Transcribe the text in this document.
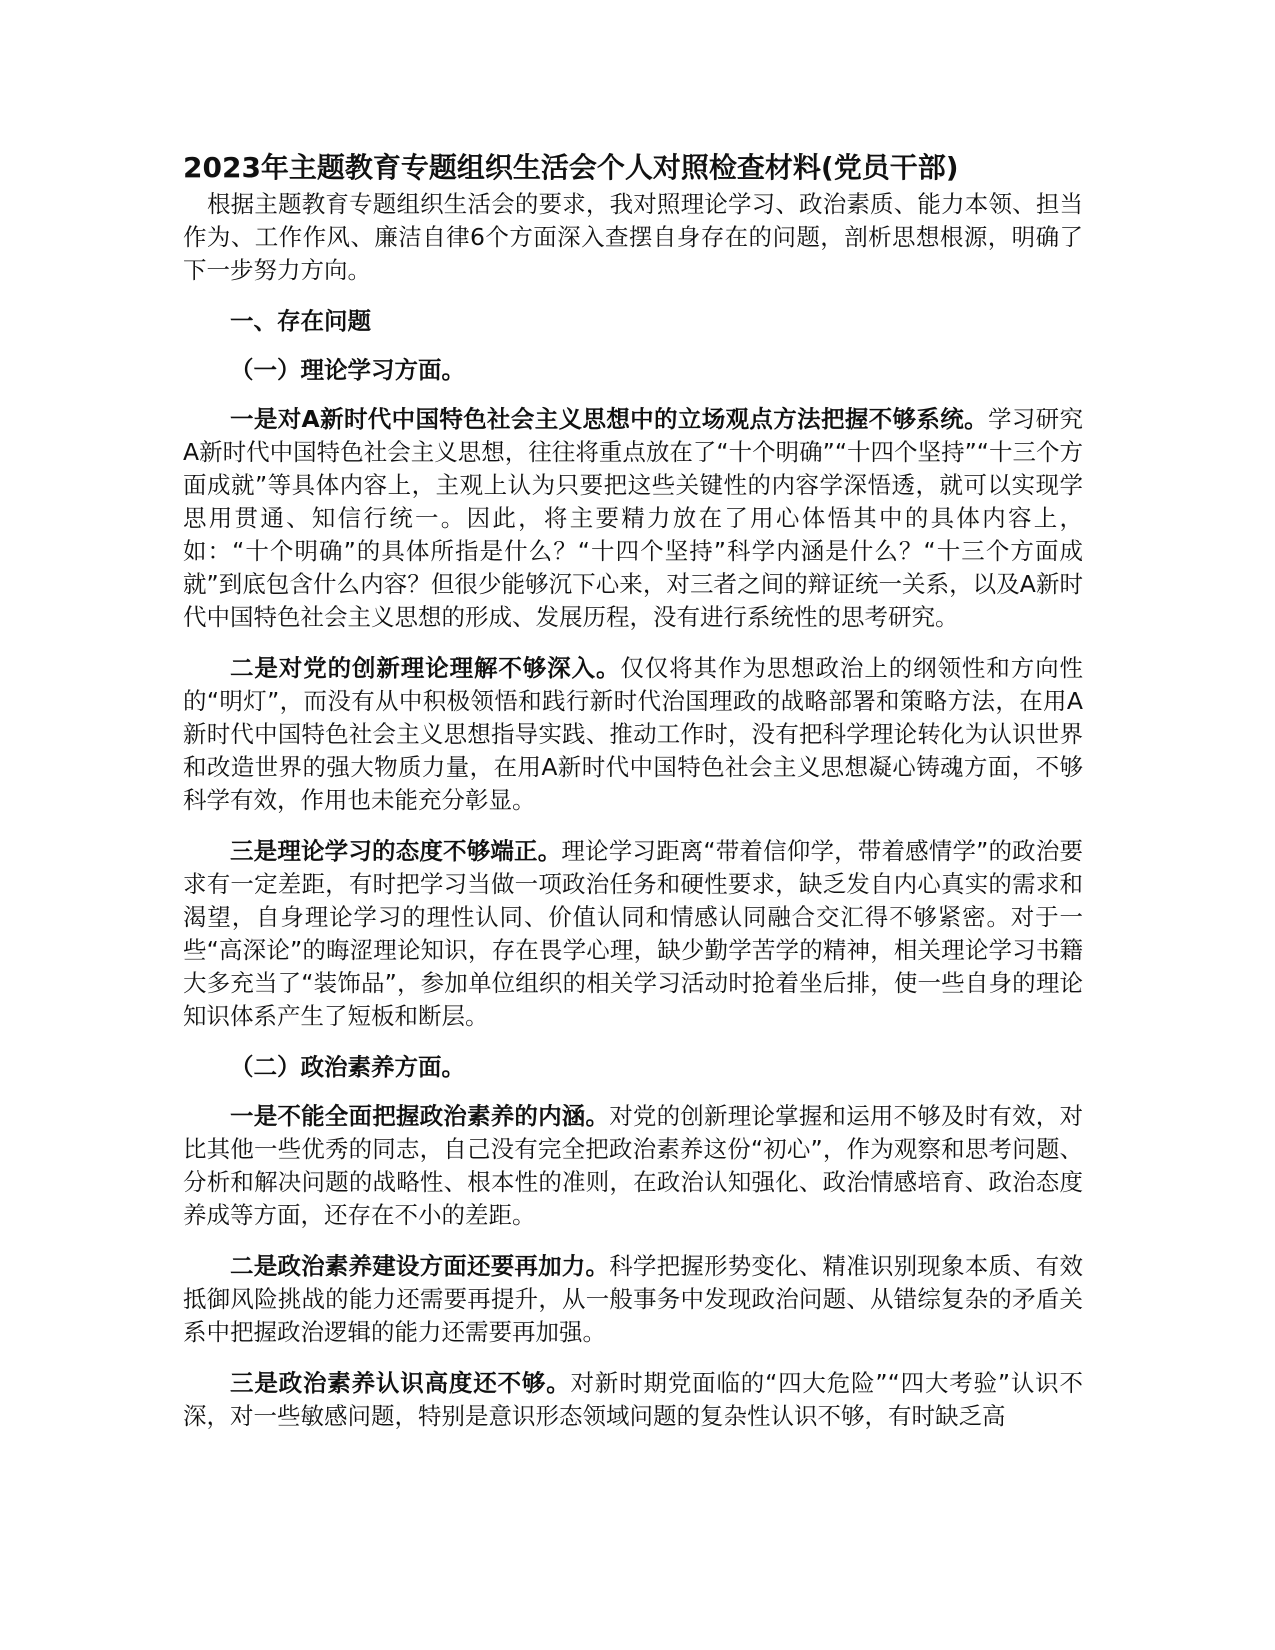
2023年主题教育专题组织生活会个人对照检查材料(党员干部)

根据主题教育专题组织生活会的要求，我对照理论学习、政治素质、能力本领、担当作为、工作作风、廉洁自律6个方面深入查摆自身存在的问题，剖析思想根源，明确了下一步努力方向。

一、存在问题
（一）理论学习方面。

一是对A新时代中国特色社会主义思想中的立场观点方法把握不够系统。学习研究A新时代中国特色社会主义思想，往往将重点放在了“十个明确”“十四个坚持”“十三个方面成就”等具体内容上，主观上认为只要把这些关键性的内容学深悟透，就可以实现学思用贯通、知信行统一。因此，将主要精力放在了用心体悟其中的具体内容上，如：“十个明确”的具体所指是什么？“十四个坚持”科学内涵是什么？“十三个方面成就”到底包含什么内容？但很少能够沉下心来，对三者之间的辩证统一关系，以及A新时代中国特色社会主义思想的形成、发展历程，没有进行系统性的思考研究。

二是对党的创新理论理解不够深入。仅仅将其作为思想政治上的纲领性和方向性的“明灯”，而没有从中积极领悟和践行新时代治国理政的战略部署和策略方法，在用A新时代中国特色社会主义思想指导实践、推动工作时，没有把科学理论转化为认识世界和改造世界的强大物质力量，在用A新时代中国特色社会主义思想凝心铸魂方面，不够科学有效，作用也未能充分彰显。

三是理论学习的态度不够端正。理论学习距离“带着信仰学，带着感情学”的政治要求有一定差距，有时把学习当做一项政治任务和硬性要求，缺乏发自内心真实的需求和渴望，自身理论学习的理性认同、价值认同和情感认同融合交汇得不够紧密。对于一些“高深论”的晦涩理论知识，存在畏学心理，缺少勤学苦学的精神，相关理论学习书籍大多充当了“装饰品”，参加单位组织的相关学习活动时抢着坐后排，使一些自身的理论知识体系产生了短板和断层。

（二）政治素养方面。

一是不能全面把握政治素养的内涵。对党的创新理论掌握和运用不够及时有效，对比其他一些优秀的同志，自己没有完全把政治素养这份“初心”，作为观察和思考问题、分析和解决问题的战略性、根本性的准则，在政治认知强化、政治情感培育、政治态度养成等方面，还存在不小的差距。

二是政治素养建设方面还要再加力。科学把握形势变化、精准识别现象本质、有效抵御风险挑战的能力还需要再提升，从一般事务中发现政治问题、从错综复杂的矛盾关系中把握政治逻辑的能力还需要再加强。

三是政治素养认识高度还不够。对新时期党面临的“四大危险”“四大考验”认识不深，对一些敏感问题，特别是意识形态领域问题的复杂性认识不够，有时缺乏高
